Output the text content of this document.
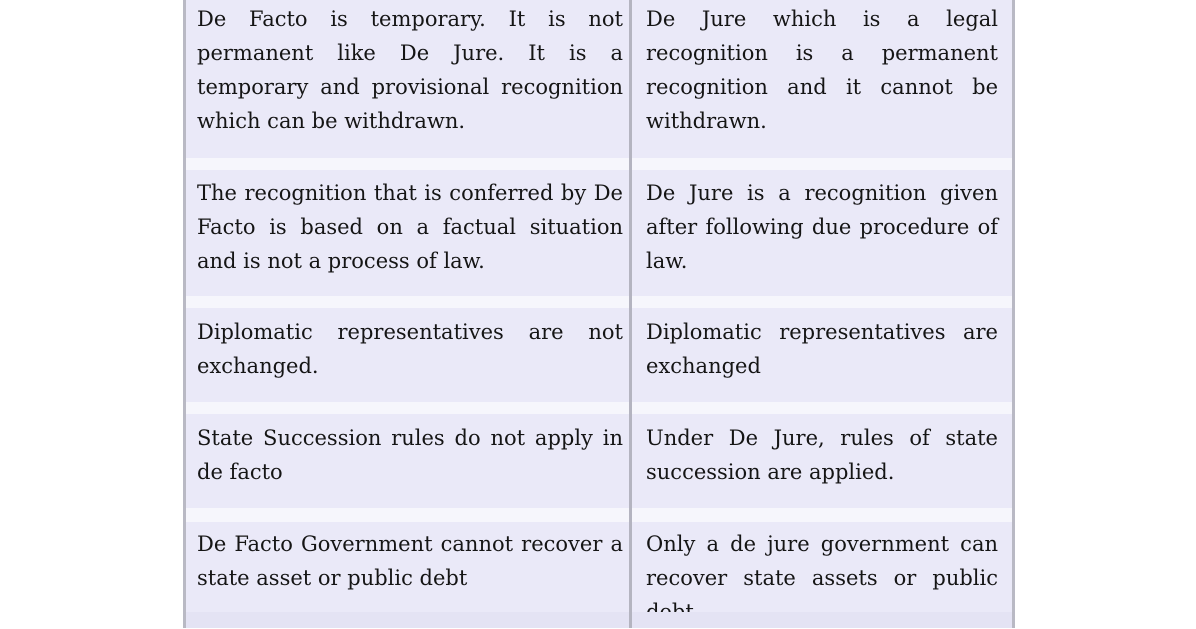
De Facto is temporary. It is not permanent like De Jure. It is a temporary and provisional recognition which can be withdrawn.
De Jure which is a legal recognition is a permanent recognition and it cannot be withdrawn.
The recognition that is conferred by De Facto is based on a factual situation and is not a process of law.
De Jure is a recognition given after following due procedure of law.
Diplomatic representatives are not exchanged.
Diplomatic representatives are exchanged
State Succession rules do not apply in de facto
Under De Jure, rules of state succession are applied.
De Facto Government cannot recover a state asset or public debt
Only a de jure government can recover state assets or public
